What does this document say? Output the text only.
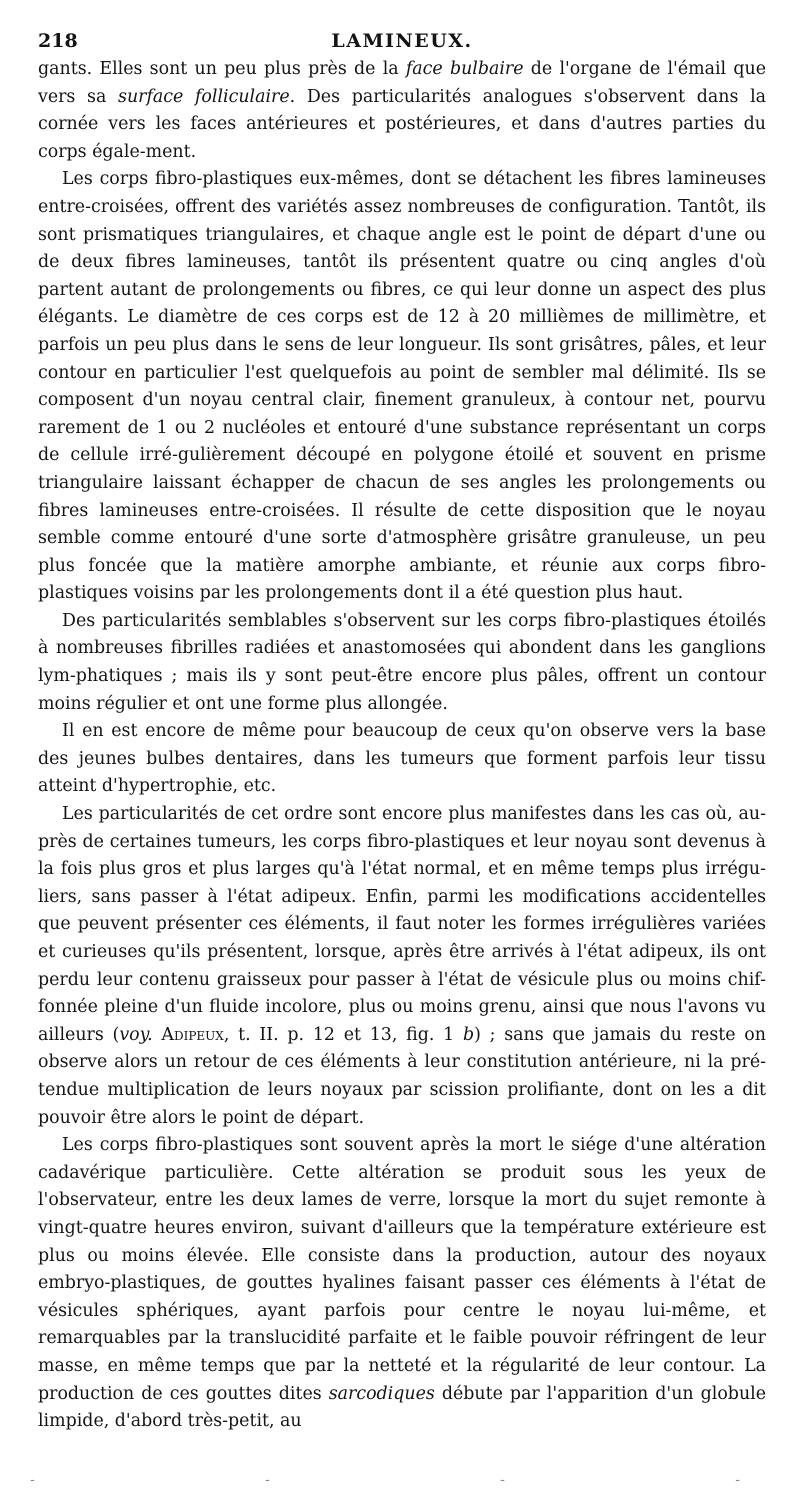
218	LAMINEUX.

gants. Elles sont un peu plus près de la face bulbaire de l'organe de l'émail que vers sa surface folliculaire. Des particularités analogues s'observent dans la cornée vers les faces antérieures et postérieures, et dans d'autres parties du corps égale-ment.

Les corps fibro-plastiques eux-mêmes, dont se détachent les fibres lamineuses entre-croisées, offrent des variétés assez nombreuses de configuration. Tantôt, ils sont prismatiques triangulaires, et chaque angle est le point de départ d'une ou de deux fibres lamineuses, tantôt ils présentent quatre ou cinq angles d'où partent autant de prolongements ou fibres, ce qui leur donne un aspect des plus élégants. Le diamètre de ces corps est de 12 à 20 millièmes de millimètre, et parfois un peu plus dans le sens de leur longueur. Ils sont grisâtres, pâles, et leur contour en particulier l'est quelquefois au point de sembler mal délimité. Ils se composent d'un noyau central clair, finement granuleux, à contour net, pourvu rarement de 1 ou 2 nucléoles et entouré d'une substance représentant un corps de cellule irré-gulièrement découpé en polygone étoilé et souvent en prisme triangulaire laissant échapper de chacun de ses angles les prolongements ou fibres lamineuses entre-croisées. Il résulte de cette disposition que le noyau semble comme entouré d'une sorte d'atmosphère grisâtre granuleuse, un peu plus foncée que la matière amorphe ambiante, et réunie aux corps fibro-plastiques voisins par les prolongements dont il a été question plus haut.

Des particularités semblables s'observent sur les corps fibro-plastiques étoilés à nombreuses fibrilles radiées et anastomosées qui abondent dans les ganglions lym-phatiques ; mais ils y sont peut-être encore plus pâles, offrent un contour moins régulier et ont une forme plus allongée.

Il en est encore de même pour beaucoup de ceux qu'on observe vers la base des jeunes bulbes dentaires, dans les tumeurs que forment parfois leur tissu atteint d'hypertrophie, etc.

Les particularités de cet ordre sont encore plus manifestes dans les cas où, au-près de certaines tumeurs, les corps fibro-plastiques et leur noyau sont devenus à la fois plus gros et plus larges qu'à l'état normal, et en même temps plus irrégu-liers, sans passer à l'état adipeux. Enfin, parmi les modifications accidentelles que peuvent présenter ces éléments, il faut noter les formes irrégulières variées et curieuses qu'ils présentent, lorsque, après être arrivés à l'état adipeux, ils ont perdu leur contenu graisseux pour passer à l'état de vésicule plus ou moins chif-fonnée pleine d'un fluide incolore, plus ou moins grenu, ainsi que nous l'avons vu ailleurs (voy. Adipeux, t. II. p. 12 et 13, fig. 1 b) ; sans que jamais du reste on observe alors un retour de ces éléments à leur constitution antérieure, ni la pré-tendue multiplication de leurs noyaux par scission prolifiante, dont on les a dit pouvoir être alors le point de départ.

Les corps fibro-plastiques sont souvent après la mort le siége d'une altération cadavérique particulière. Cette altération se produit sous les yeux de l'observateur, entre les deux lames de verre, lorsque la mort du sujet remonte à vingt-quatre heures environ, suivant d'ailleurs que la température extérieure est plus ou moins élevée. Elle consiste dans la production, autour des noyaux embryo-plastiques, de gouttes hyalines faisant passer ces éléments à l'état de vésicules sphériques, ayant parfois pour centre le noyau lui-même, et remarquables par la translucidité parfaite et le faible pouvoir réfringent de leur masse, en même temps que par la netteté et la régularité de leur contour. La production de ces gouttes dites sarcodiques débute par l'apparition d'un globule limpide, d'abord très-petit, au

-	-	-	-
